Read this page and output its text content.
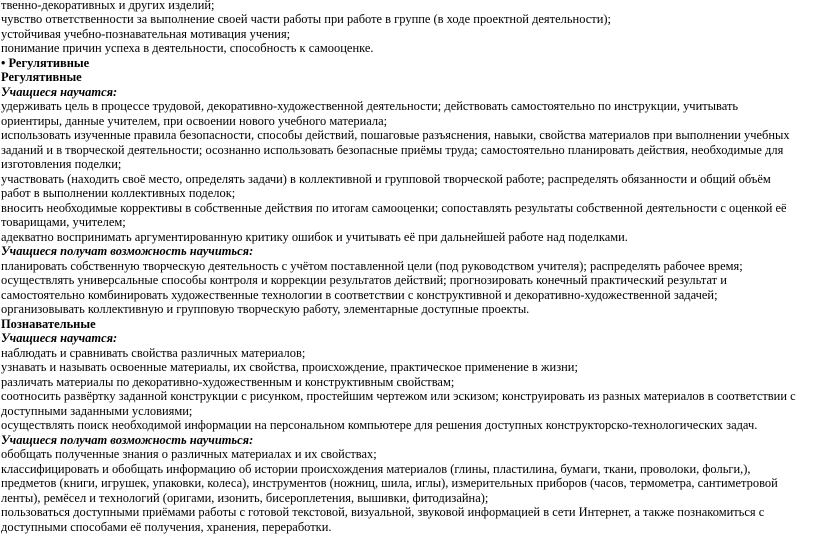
твенно-декоративных и других изделий;
чувство ответственности за выполнение своей части работы при работе в группе (в ходе проектной деятельности);
устойчивая учебно-познавательная мотивация учения;
понимание причин успеха в деятельности, способность к самооценке.
• Регулятивные
Регулятивные
Учащиеся научатся:
удерживать цель в процессе трудовой, декоративно-художественной деятельности; действовать самостоятельно по инструкции, учитывать
ориентиры, данные учителем, при освоении нового учебного материала;
использовать изученные правила безопасности, способы действий, пошаговые разъяснения, навыки, свойства материалов при выполнении учебных
заданий и в творческой деятельности; осознанно использовать безопасные приёмы труда; самостоятельно планировать действия, необходимые для
изготовления поделки;
участвовать (находить своё место, определять задачи) в коллективной и групповой творческой работе; распределять обязанности и общий объём
работ в выполнении коллективных поделок;
вносить необходимые коррективы в собственные действия по итогам самооценки; сопоставлять результаты собственной деятельности с оценкой её
товарищами, учителем;
адекватно воспринимать аргументированную критику ошибок и учитывать её при дальнейшей работе над поделками.
Учащиеся получат возможность научиться:
планировать собственную творческую деятельность с учётом поставленной цели (под руководством учителя); распределять рабочее время;
осуществлять универсальные способы контроля и коррекции результатов действий; прогнозировать конечный практический результат и
самостоятельно комбинировать художественные технологии в соответствии с конструктивной и декоративно-художественной задачей;
организовывать коллективную и групповую творческую работу, элементарные доступные проекты.
Познавательные
Учащиеся научатся:
наблюдать и сравнивать свойства различных материалов;
узнавать и называть освоенные материалы, их свойства, происхождение, практическое применение в жизни;
различать материалы по декоративно-художественным и конструктивным свойствам;
соотносить развёртку заданной конструкции с рисунком, простейшим чертежом или эскизом; конструировать из разных материалов в соответствии с
доступными заданными условиями;
осуществлять поиск необходимой информации на персональном компьютере для решения доступных конструкторско-технологических задач.
Учащиеся получат возможность научиться:
обобщать полученные знания о различных материалах и их свойствах;
классифицировать и обобщать информацию об истории происхождения материалов (глины, пластилина, бумаги, ткани, проволоки, фольги,),
предметов (книги, игрушек, упаковки, колеса), инструментов (ножниц, шила, иглы), измерительных приборов (часов, термометра, сантиметровой
ленты), ремёсел и технологий (оригами, изонить, бисероплетения, вышивки, фитодизайна);
пользоваться доступными приёмами работы с готовой текстовой, визуальной, звуковой информацией в сети Интернет, а также познакомиться с
доступными способами её получения, хранения, переработки.
